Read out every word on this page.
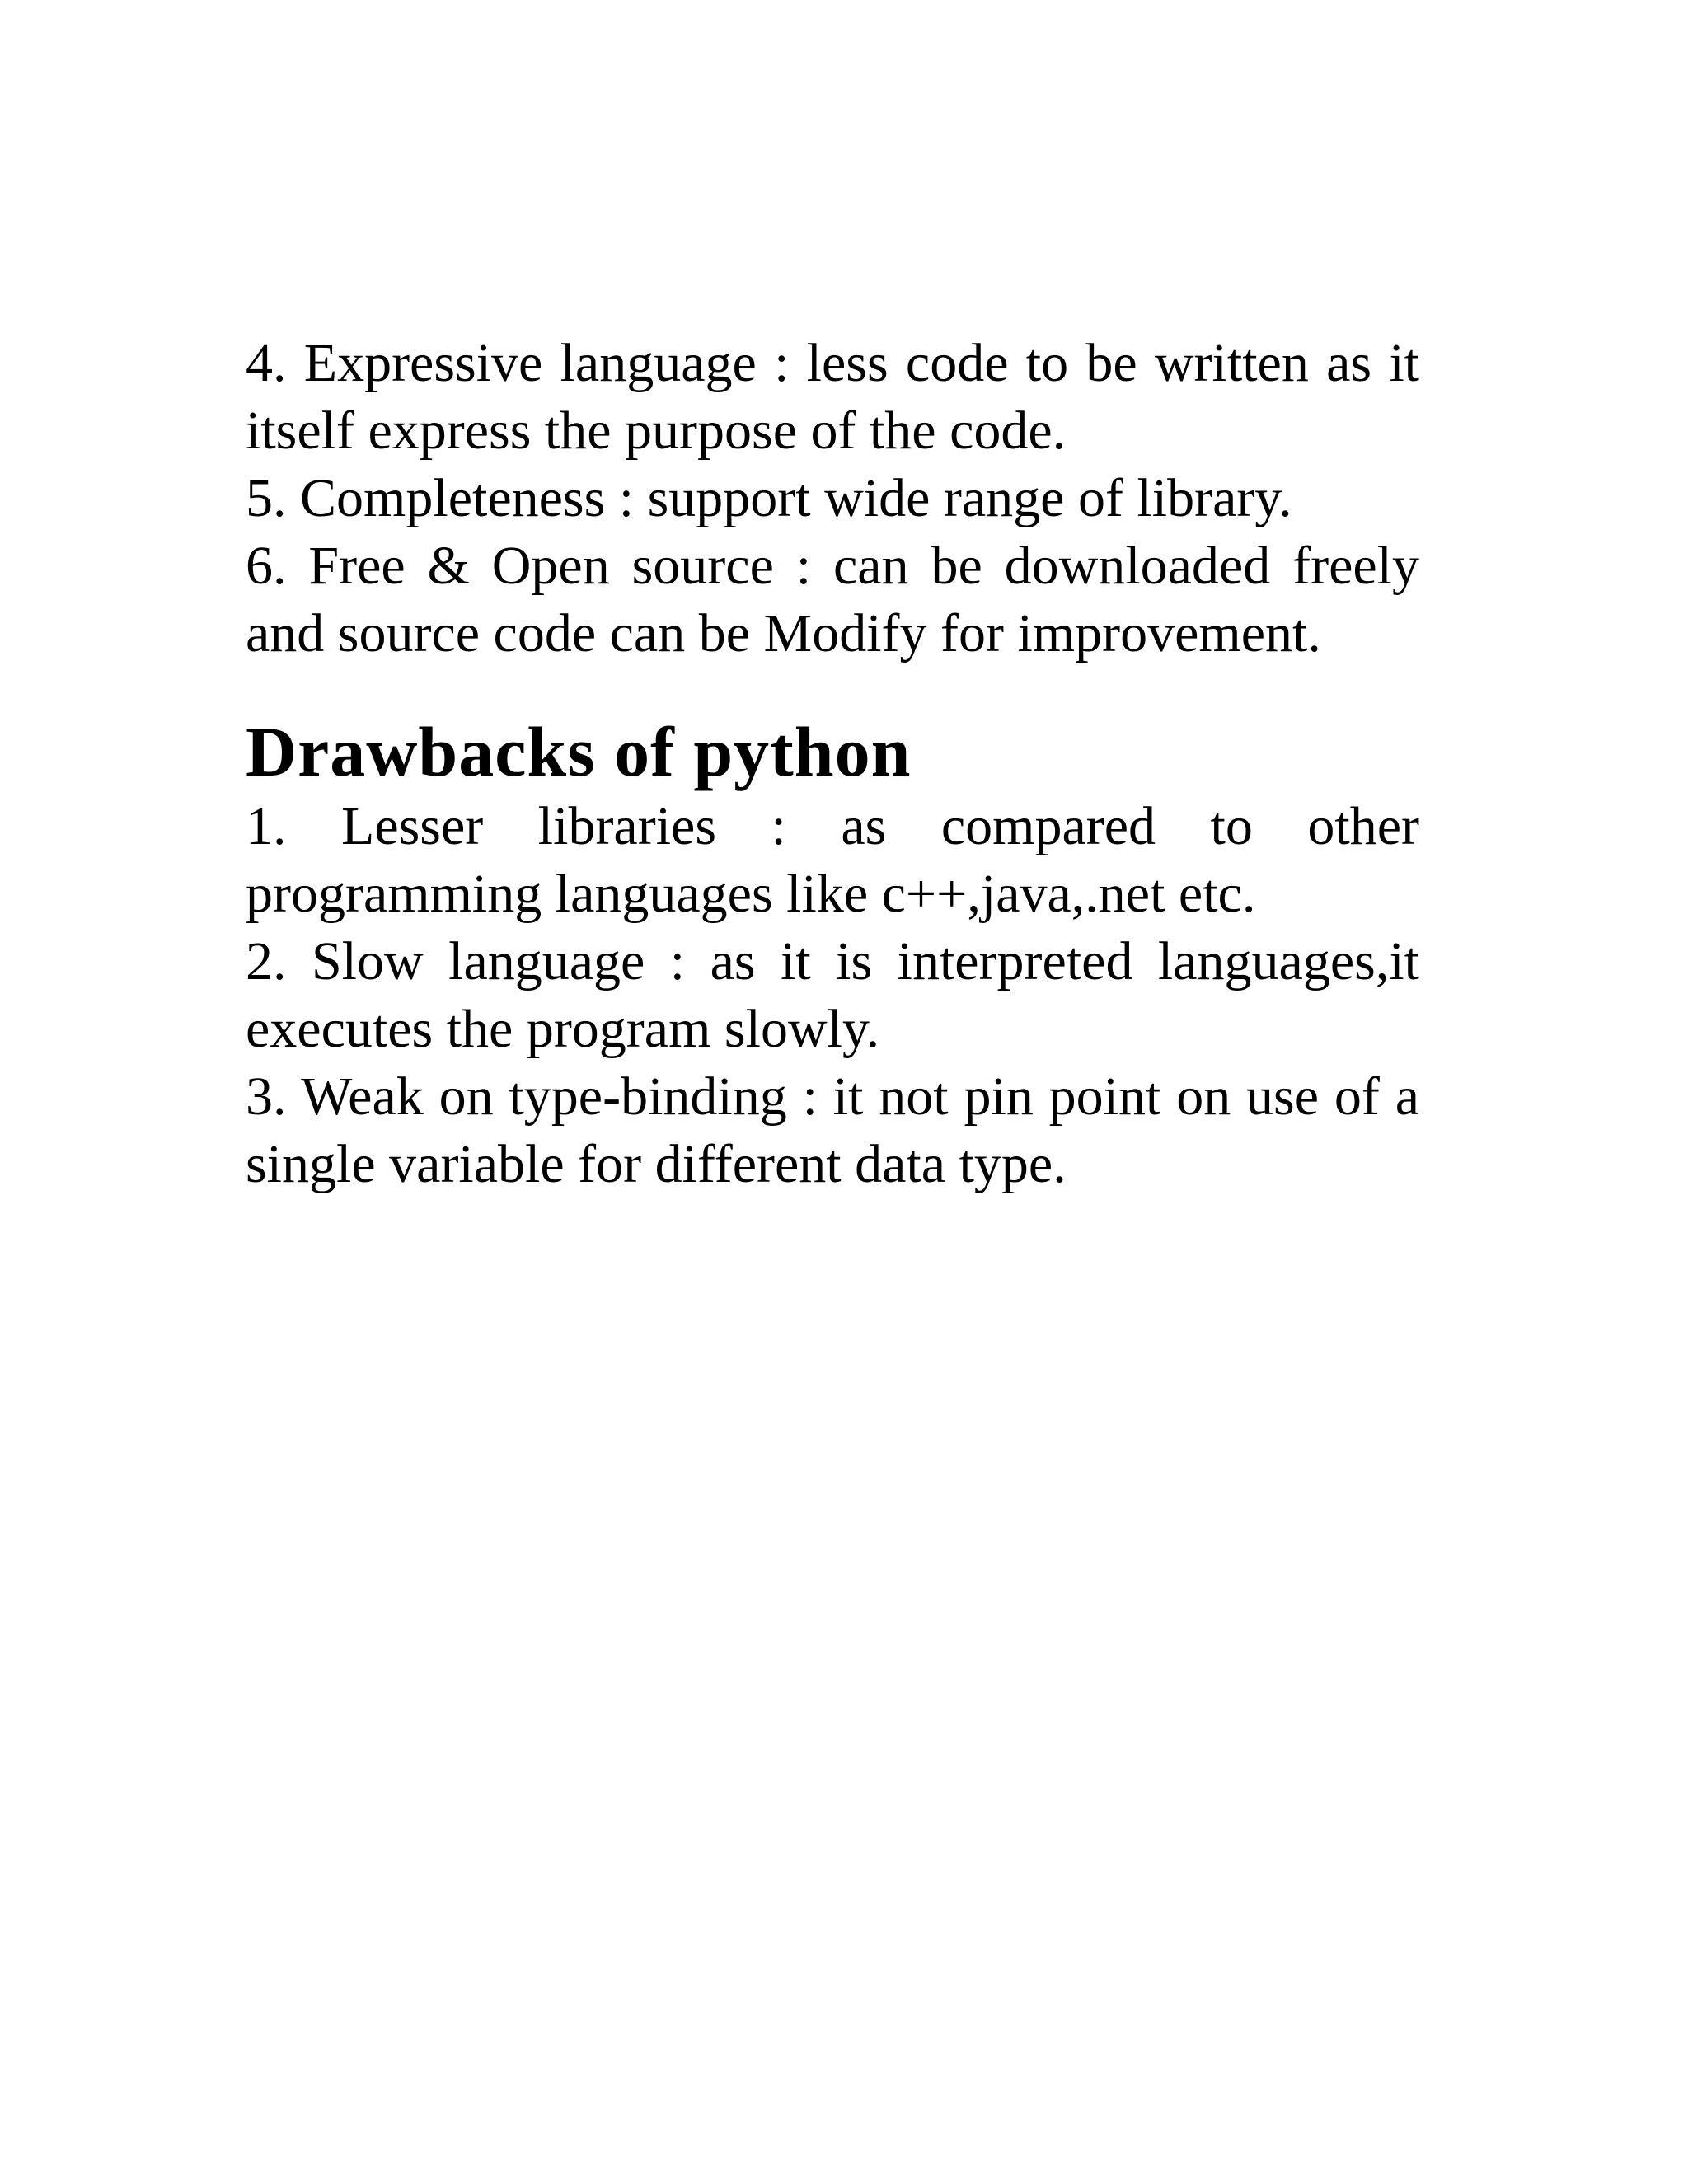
4. Expressive language : less code to be written as it itself express the purpose of the code.

5. Completeness : support wide range of library.

6. Free & Open source : can be downloaded freely and source code can be Modify for improvement.

Drawbacks of python

1. Lesser libraries : as compared to other programming languages like c++,java,.net etc.

2. Slow language : as it is interpreted languages,it executes the program slowly.

3. Weak on type-binding : it not pin point on use of a single variable for different data type.
